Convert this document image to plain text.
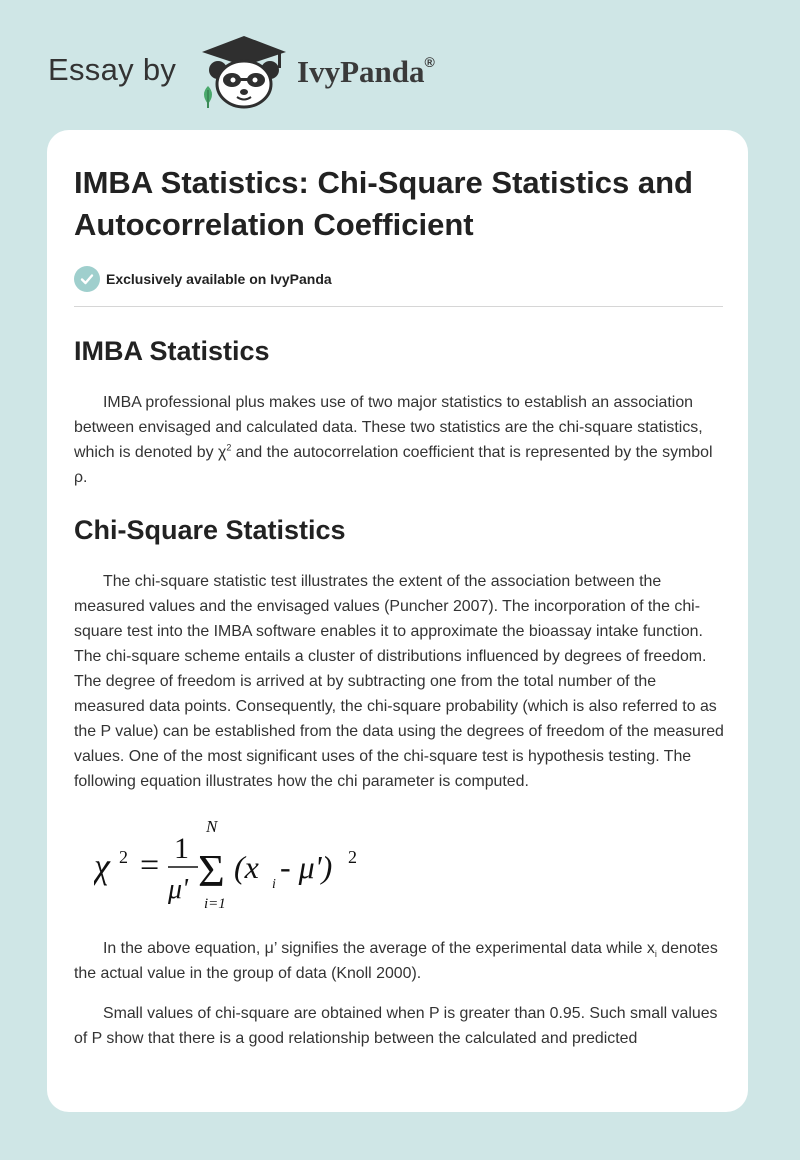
Essay by	IvyPanda®
IMBA Statistics: Chi-Square Statistics and Autocorrelation Coefficient
Exclusively available on IvyPanda
IMBA Statistics

IMBA professional plus makes use of two major statistics to establish an association between envisaged and calculated data. These two statistics are the chi-square statistics, which is denoted by $\chi^2$ and the autocorrelation coefficient that is represented by the symbol ρ.

Chi-Square Statistics

The chi-square statistic test illustrates the extent of the association between the measured values and the envisaged values (Puncher 2007). The incorporation of the chi-square test into the IMBA software enables it to approximate the bioassay intake function. The chi-square scheme entails a cluster of distributions influenced by degrees of freedom. The degree of freedom is arrived at by subtracting one from the total number of the measured data points. Consequently, the chi-square probability (which is also referred to as the P value) can be established from the data using the degrees of freedom of the measured values. One of the most significant uses of the chi-square test is hypothesis testing. The following equation illustrates how the chi parameter is computed.

χ 2 = 1
μ'
N
Σ
i=1
(x i - μ') 2

In the above equation, μ’ signifies the average of the experimental data while $x_i$ denotes the actual value in the group of data (Knoll 2000).

Small values of chi-square are obtained when P is greater than 0.95. Such small values of P show that there is a good relationship between the calculated and predicted
